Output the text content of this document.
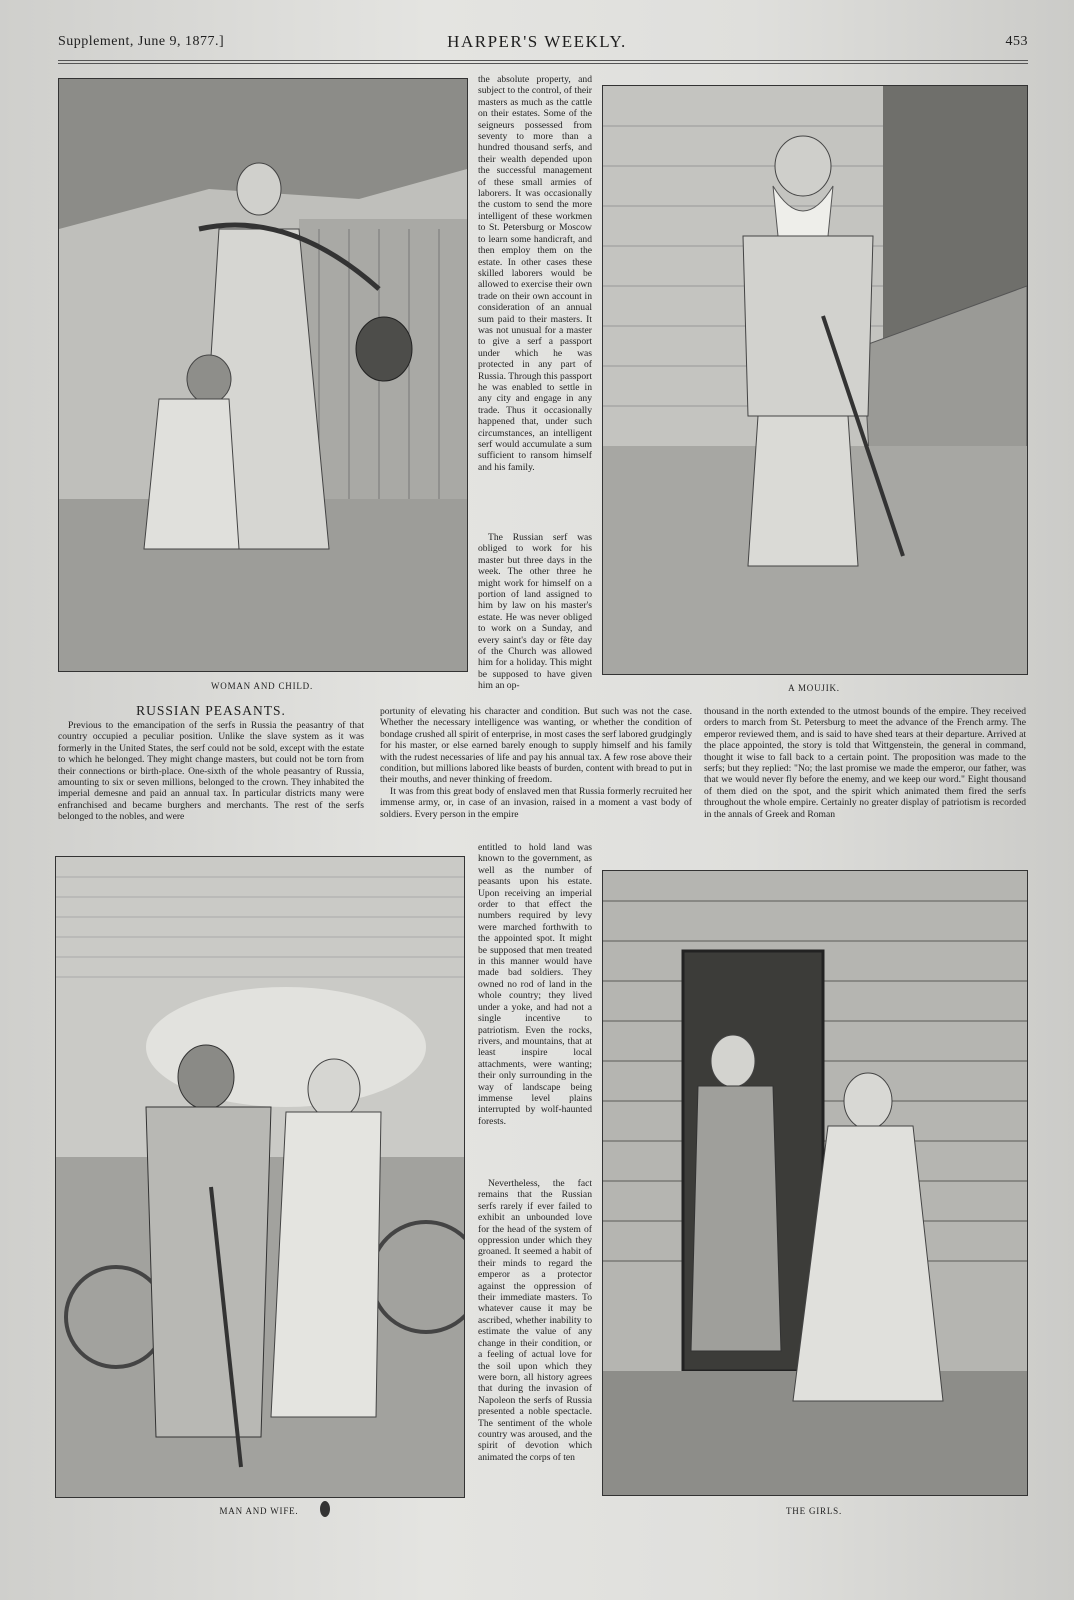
Supplement, June 9, 1877.]	HARPER'S WEEKLY.	453
WOMAN AND CHILD.	A MOUJIK.

the absolute property, and subject to the control, of their masters as much as the cattle on their estates. Some of the seigneurs possessed from seventy to more than a hundred thousand serfs, and their wealth depended upon the successful management of these small armies of laborers. It was occasionally the custom to send the more intelligent of these workmen to St. Petersburg or Moscow to learn some handicraft, and then employ them on the estate. In other cases these skilled laborers would be allowed to exercise their own trade on their own account in consideration of an annual sum paid to their masters. It was not unusual for a master to give a serf a passport under which he was protected in any part of Russia. Through this passport he was enabled to settle in any city and engage in any trade. Thus it occasionally happened that, under such circumstances, an intelligent serf would accumulate a sum sufficient to ransom himself and his family.

The Russian serf was obliged to work for his master but three days in the week. The other three he might work for himself on a portion of land assigned to him by law on his master's estate. He was never obliged to work on a Sunday, and every saint's day or fête day of the Church was allowed him for a holiday. This might be supposed to have given him an op-

RUSSIAN PEASANTS.

Previous to the emancipation of the serfs in Russia the peasantry of that country occupied a peculiar position. Unlike the slave system as it was formerly in the United States, the serf could not be sold, except with the estate to which he belonged. They might change masters, but could not be torn from their connections or birth-place. One-sixth of the whole peasantry of Russia, amounting to six or seven millions, belonged to the crown. They inhabited the imperial demesne and paid an annual tax. In particular districts many were enfranchised and became burghers and merchants. The rest of the serfs belonged to the nobles, and were

portunity of elevating his character and condition. But such was not the case. Whether the necessary intelligence was wanting, or whether the condition of bondage crushed all spirit of enterprise, in most cases the serf labored grudgingly for his master, or else earned barely enough to supply himself and his family with the rudest necessaries of life and pay his annual tax. A few rose above their condition, but millions labored like beasts of burden, content with bread to put in their mouths, and never thinking of freedom.

It was from this great body of enslaved men that Russia formerly recruited her immense army, or, in case of an invasion, raised in a moment a vast body of soldiers. Every person in the empire

thousand in the north extended to the utmost bounds of the empire. They received orders to march from St. Petersburg to meet the advance of the French army. The emperor reviewed them, and is said to have shed tears at their departure. Arrived at the place appointed, the story is told that Wittgenstein, the general in command, thought it wise to fall back to a certain point. The proposition was made to the serfs; but they replied: "No; the last promise we made the emperor, our father, was that we would never fly before the enemy, and we keep our word." Eight thousand of them died on the spot, and the spirit which animated them fired the serfs throughout the whole empire. Certainly no greater display of patriotism is recorded in the annals of Greek and Roman

MAN AND WIFE.

entitled to hold land was known to the government, as well as the number of peasants upon his estate. Upon receiving an imperial order to that effect the numbers required by levy were marched forthwith to the appointed spot. It might be supposed that men treated in this manner would have made bad soldiers. They owned no rod of land in the whole country; they lived under a yoke, and had not a single incentive to patriotism. Even the rocks, rivers, and mountains, that at least inspire local attachments, were wanting; their only surrounding in the way of landscape being immense level plains interrupted by wolf-haunted forests.

Nevertheless, the fact remains that the Russian serfs rarely if ever failed to exhibit an unbounded love for the head of the system of oppression under which they groaned. It seemed a habit of their minds to regard the emperor as a protector against the oppression of their immediate masters. To whatever cause it may be ascribed, whether inability to estimate the value of any change in their condition, or a feeling of actual love for the soil upon which they were born, all history agrees that during the invasion of Napoleon the serfs of Russia presented a noble spectacle. The sentiment of the whole country was aroused, and the spirit of devotion which animated the corps of ten

THE GIRLS.
